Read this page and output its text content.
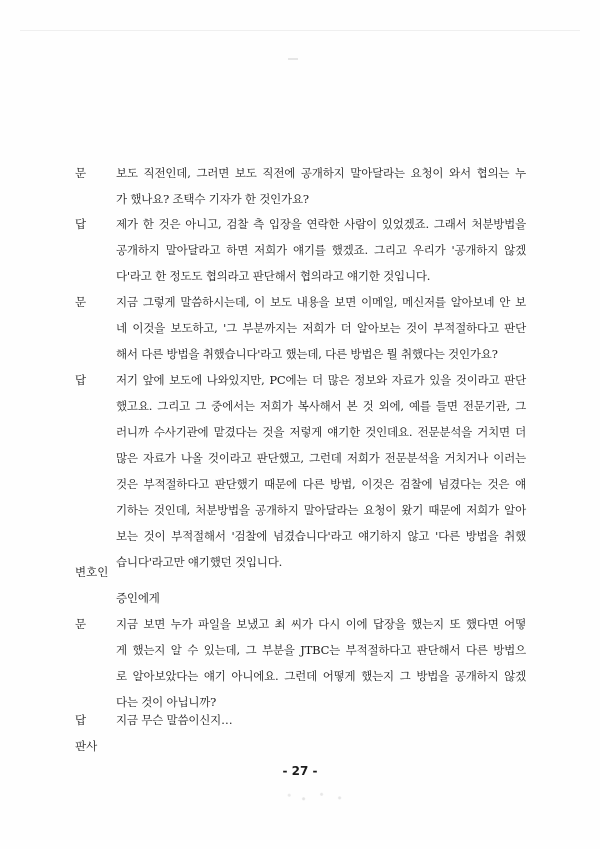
문	보도 직전인데, 그러면 보도 직전에 공개하지 말아달라는 요청이 와서 협의는 누
가 했나요? 조택수 기자가 한 것인가요?
답	제가 한 것은 아니고, 검찰 측 입장을 연락한 사람이 있었겠죠. 그래서 처분방법을
공개하지 말아달라고 하면 저희가 얘기를 했겠죠. 그리고 우리가 '공개하지 않겠
다'라고 한 정도도 협의라고 판단해서 협의라고 얘기한 것입니다.
문	지금 그렇게 말씀하시는데, 이 보도 내용을 보면 이메일, 메신저를 알아보네 안 보
네 이것을 보도하고, '그 부분까지는 저희가 더 알아보는 것이 부적절하다고 판단
해서 다른 방법을 취했습니다'라고 했는데, 다른 방법은 뭘 취했다는 것인가요?
답	저기 앞에 보도에 나와있지만, PC에는 더 많은 정보와 자료가 있을 것이라고 판단
했고요. 그리고 그 중에서는 저희가 복사해서 본 것 외에, 예를 들면 전문기관, 그
러니까 수사기관에 맡겼다는 것을 저렇게 얘기한 것인데요. 전문분석을 거치면 더
많은 자료가 나올 것이라고 판단했고, 그런데 저희가 전문분석을 거치거나 이러는
것은 부적절하다고 판단했기 때문에 다른 방법, 이것은 검찰에 넘겼다는 것은 얘
기하는 것인데, 처분방법을 공개하지 말아달라는 요청이 왔기 때문에 저희가 알아
보는 것이 부적절해서 '검찰에 넘겼습니다'라고 얘기하지 않고 '다른 방법을 취했
습니다'라고만 얘기했던 것입니다.
변호인
증인에게
문	지금 보면 누가 파일을 보냈고 최 씨가 다시 이에 답장을 했는지 또 했다면 어떻
게 했는지 알 수 있는데, 그 부분을 JTBC는 부적절하다고 판단해서 다른 방법으
로 알아보았다는 얘기 아니에요. 그런데 어떻게 했는지 그 방법을 공개하지 않겠
다는 것이 아닙니까?
답	지금 무슨 말씀이신지…
판사
- 27 -
